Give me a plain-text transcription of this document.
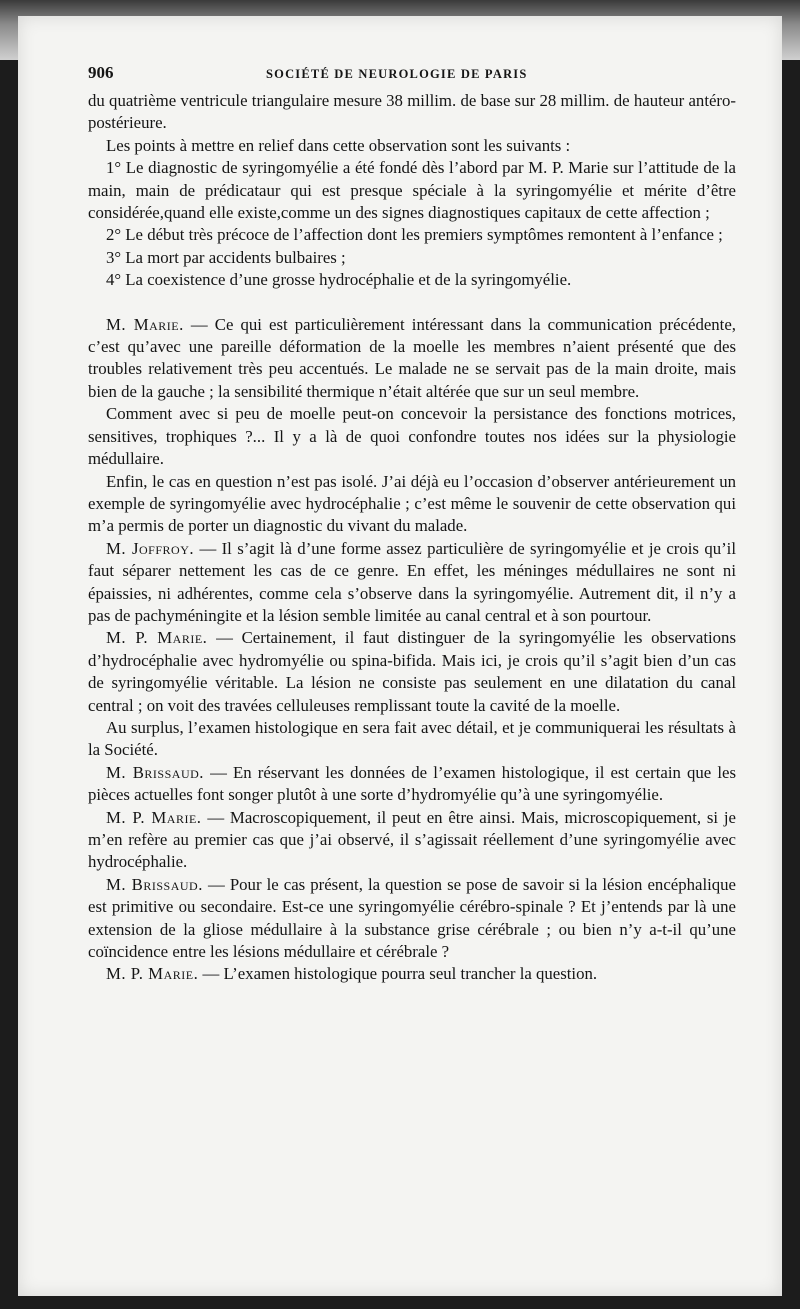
906	SOCIÉTÉ DE NEUROLOGIE DE PARIS

du quatrième ventricule triangulaire mesure 38 millim. de base sur 28 millim. de hauteur antéro-postérieure.

Les points à mettre en relief dans cette observation sont les suivants :

1° Le diagnostic de syringomyélie a été fondé dès l’abord par M. P. Marie sur l’attitude de la main, main de prédicataur qui est presque spéciale à la syringomyélie et mérite d’être considérée,quand elle existe,comme un des signes diagnostiques capitaux de cette affection ;

2° Le début très précoce de l’affection dont les premiers symptômes remontent à l’enfance ;

3° La mort par accidents bulbaires ;

4° La coexistence d’une grosse hydrocéphalie et de la syringomyélie.

M. Marie. — Ce qui est particulièrement intéressant dans la communication précédente, c’est qu’avec une pareille déformation de la moelle les membres n’aient présenté que des troubles relativement très peu accentués. Le malade ne se servait pas de la main droite, mais bien de la gauche ; la sensibilité thermique n’était altérée que sur un seul membre.

Comment avec si peu de moelle peut-on concevoir la persistance des fonctions motrices, sensitives, trophiques ?... Il y a là de quoi confondre toutes nos idées sur la physiologie médullaire.

Enfin, le cas en question n’est pas isolé. J’ai déjà eu l’occasion d’observer antérieurement un exemple de syringomyélie avec hydrocéphalie ; c’est même le souvenir de cette observation qui m’a permis de porter un diagnostic du vivant du malade.

M. Joffroy. — Il s’agit là d’une forme assez particulière de syringomyélie et je crois qu’il faut séparer nettement les cas de ce genre. En effet, les méninges médullaires ne sont ni épaissies, ni adhérentes, comme cela s’observe dans la syringomyélie. Autrement dit, il n’y a pas de pachyméningite et la lésion semble limitée au canal central et à son pourtour.

M. P. Marie. — Certainement, il faut distinguer de la syringomyélie les observations d’hydrocéphalie avec hydromyélie ou spina-bifida. Mais ici, je crois qu’il s’agit bien d’un cas de syringomyélie véritable. La lésion ne consiste pas seulement en une dilatation du canal central ; on voit des travées celluleuses remplissant toute la cavité de la moelle.

Au surplus, l’examen histologique en sera fait avec détail, et je communiquerai les résultats à la Société.

M. Brissaud. — En réservant les données de l’examen histologique, il est certain que les pièces actuelles font songer plutôt à une sorte d’hydromyélie qu’à une syringomyélie.

M. P. Marie. — Macroscopiquement, il peut en être ainsi. Mais, microscopiquement, si je m’en refère au premier cas que j’ai observé, il s’agissait réellement d’une syringomyélie avec hydrocéphalie.

M. Brissaud. — Pour le cas présent, la question se pose de savoir si la lésion encéphalique est primitive ou secondaire. Est-ce une syringomyélie cérébro-spinale ? Et j’entends par là une extension de la gliose médullaire à la substance grise cérébrale ; ou bien n’y a-t-il qu’une coïncidence entre les lésions médullaire et cérébrale ?

M. P. Marie. — L’examen histologique pourra seul trancher la question.
